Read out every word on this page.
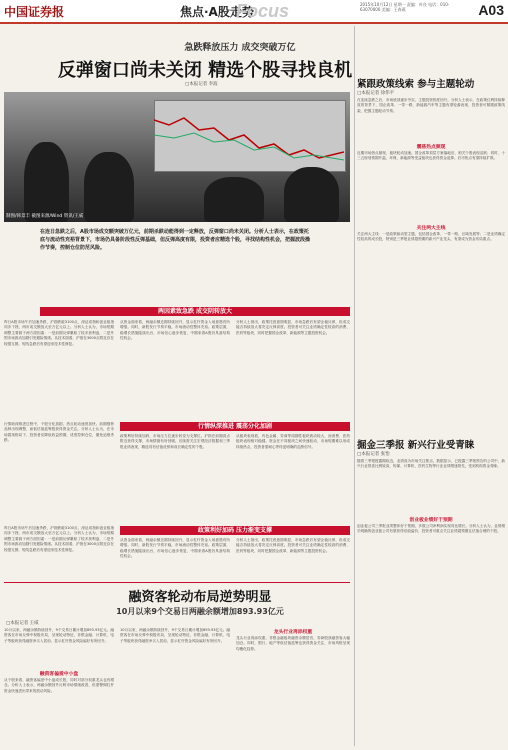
中国证券报	焦点·A股走势
Focus	2015年10月12日 星期一 责编：叶良 电话：010-63070000 美编：王春燕	A03
急跌释放压力 成交突破万亿
反弹窗口尚未关闭 精选个股寻找良机
□本报记者 李波
制图/韩景丰 截图来源/Wind 资讯/王威
在连日急跌之后，A股市场成交额突破万亿元，前期杀跌动能得到一定释放，反弹窗口尚未关闭。分析人士表示，在政策托底与流动性充裕背景下，市场仍具备阶段性反弹基础，但反弹高度有限，投资者应精选个股，寻找结构性机会，把握波段操作节奏，控制仓位防范风险。
两因素致急跌 成交阴转放大
昨日A股市场午后加速杀跌，沪指跌破3100点，深证成指和创业板指同步下挫，两市成交额放大至万亿元以上。分析人士认为，市场短期调整主要源于两方面因素：一是前期反弹累积了较多获利盘，二是外围市场波动加剧引发避险情绪。从技术面看，沪指在3000点附近存在较强支撑，短线急跌后有望迎来技术性修复。
从资金面来看，两融余额近期持续回升，显示杠杆资金入场意愿有所增强。同时，新股发行节奏平稳，市场流动性整体充裕。政策层面，稳增长措施陆续出台，市场信心逐步恢复，中期来看A股仍具备结构性机会。
分析人士指出，政策托底意图明显，市场急跌后有望企稳反弹，但成交能否持续放大将决定反弹高度。投资者可关注业绩确定性较高的消费、医药等板块，同时把握国企改革、新能源等主题投资机会。
行情纵深推进 震荡分化加剧
行情纵深推进过程中，个股分化加剧，热点轮动速度加快。前期强势品种出现调整，而低估值蓝筹股获得资金关注。分析人士认为，在市场震荡格局下，投资者应降低收益预期，适度控制仓位，避免追涨杀跌。
政策利好持续加码，市场压力位逐步转变为支撑位。沪指在前期高点附近获得支撑，市场情绪有所回暖。后续需关注宏观经济数据和三季报业绩表现，精选具有估值优势和成长确定性的个股。
从板块表现看，有色金属、券商等周期性板块波动较大，而消费、医药板块表现相对稳健。资金在不同板块之间快速轮动，市场短期难以形成持续热点，投资者需耐心等待更明确的趋势信号。
政策利好加码 压力渐变支撑
昨日A股市场午后加速杀跌，沪指跌破3100点，深证成指和创业板指同步下挫，两市成交额放大至万亿元以上。分析人士认为，市场短期调整主要源于两方面因素：一是前期反弹累积了较多获利盘，二是外围市场波动加剧引发避险情绪。从技术面看，沪指在3000点附近存在较强支撑，短线急跌后有望迎来技术性修复。
从资金面来看，两融余额近期持续回升，显示杠杆资金入场意愿有所增强。同时，新股发行节奏平稳，市场流动性整体充裕。政策层面，稳增长措施陆续出台，市场信心逐步恢复，中期来看A股仍具备结构性机会。
分析人士指出，政策托底意图明显，市场急跌后有望企稳反弹，但成交能否持续放大将决定反弹高度。投资者可关注业绩确定性较高的消费、医药等板块，同时把握国企改革、新能源等主题投资机会。
紧跟政策线索 参与主题轮动
□本报记者 徐伟平
在连续急跌之后，市场底部逐步夯实，主题投资热度回升。分析人士表示，在政策红利持续释放的背景下，国企改革、一带一路、新能源汽车等主题有望轮番表现，投资者可紧跟政策线索，把握主题轮动节奏。
震荡热点频现
近期市场热点频现，板块轮动加速。国企改革顶层方案落地后，相关个股表现活跃；同时，十三五规划预期升温，环保、新能源等受益板块也获得资金追捧。后市热点有望持续扩散。
关注两大主线
关注两大主线：一是政策驱动型主题，包括国企改革、一带一路、区域发展等；二是业绩确定性较高的成长股，特别是三季报业绩超预期的新兴产业龙头，有望成为资金布局重点。
掘金三季报 新兴行业受青睐
□本报记者 张怡
随着三季报披露期临近，业绩成为市场关注焦点。数据显示，已披露三季报预告的公司中，新兴行业预喜比例较高，传媒、计算机、医药生物等行业业绩增速领先，受到机构资金青睐。
创业板业绩好于预期
创业板公司三季报业绩整体好于预期，多数公司净利润实现同比增长。分析人士认为，业绩增长明确的创业板公司有望获得估值溢价，投资者可重点关注业绩超预期且估值合理的个股。
融资客轮动布局逆势明显
10月以来9个交易日两融余额增加893.93亿元
□本报记者 王威
10月以来，两融余额持续回升，9个交易日累计增加893.93亿元。融资客在市场反弹中积极布局，呈现轮动特征，非银金融、计算机、电子等板块获得融资净买入居前，显示杠杆资金风险偏好有所回升。
融资客偏爱中小盘
从个股来看，融资客偏爱中小盘成长股，同时对部分权重龙头也有增仓。分析人士表示，两融余额回升反映市场情绪改善，但需警惕杠杆资金快速进出带来的波动风险。
10月以来，两融余额持续回升，9个交易日累计增加893.93亿元。融资客在市场反弹中积极布局，呈现轮动特征，非银金融、计算机、电子等板块获得融资净买入居前，显示杠杆资金风险偏好有所回升。
龙头行业再添权重
龙头行业再添权重，非银金融板块融资余额居首，券商股获融资客大幅加仓。同时，银行、地产等低估值蓝筹也获得资金关注，市场风格呈现均衡化趋势。
